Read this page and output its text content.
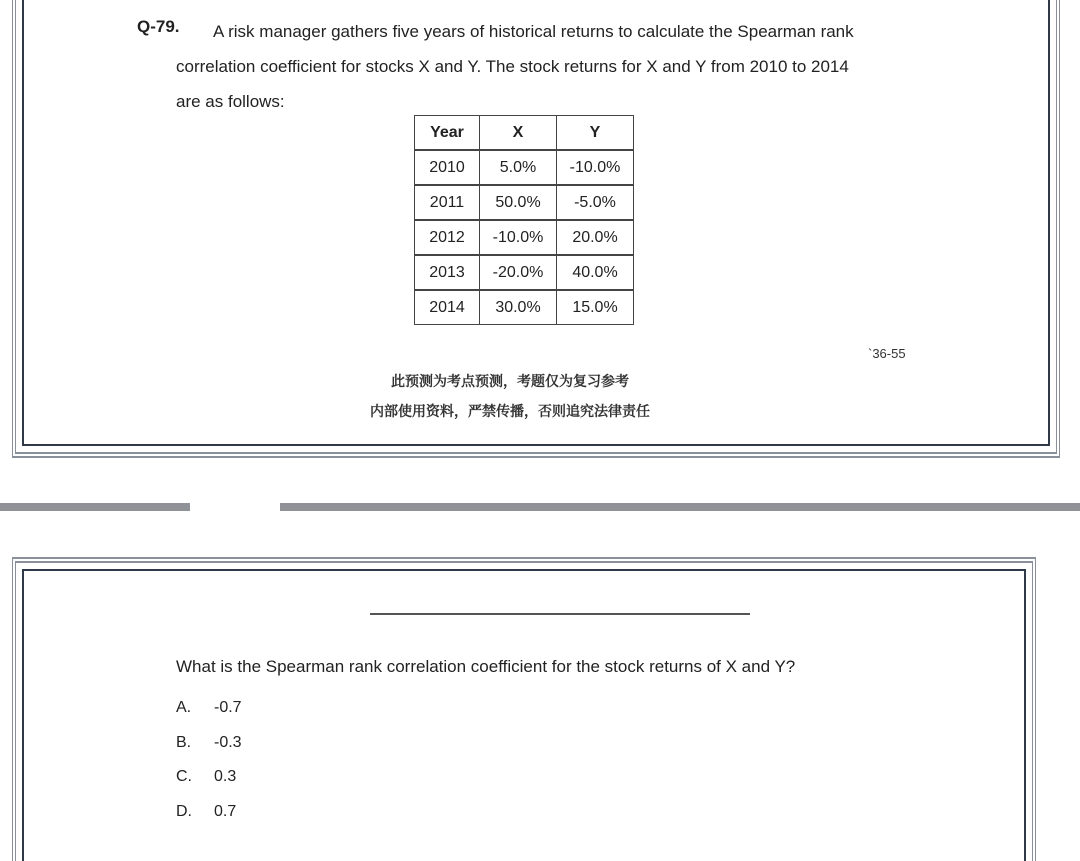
Q-79.	A risk manager gathers five years of historical returns to calculate the Spearman rank
correlation coefficient for stocks X and Y. The stock returns for X and Y from 2010 to 2014
are as follows:
Year	X	Y
2010	5.0%	-10.0%
2011	50.0%	-5.0%
2012	-10.0%	20.0%
2013	-20.0%	40.0%
2014	30.0%	15.0%
`36-55
此预测为考点预测，考题仅为复习参考
内部使用资料，严禁传播，否则追究法律责任
What is the Spearman rank correlation coefficient for the stock returns of X and Y?
A. -0.7
B. -0.3
C. 0.3
D. 0.7
